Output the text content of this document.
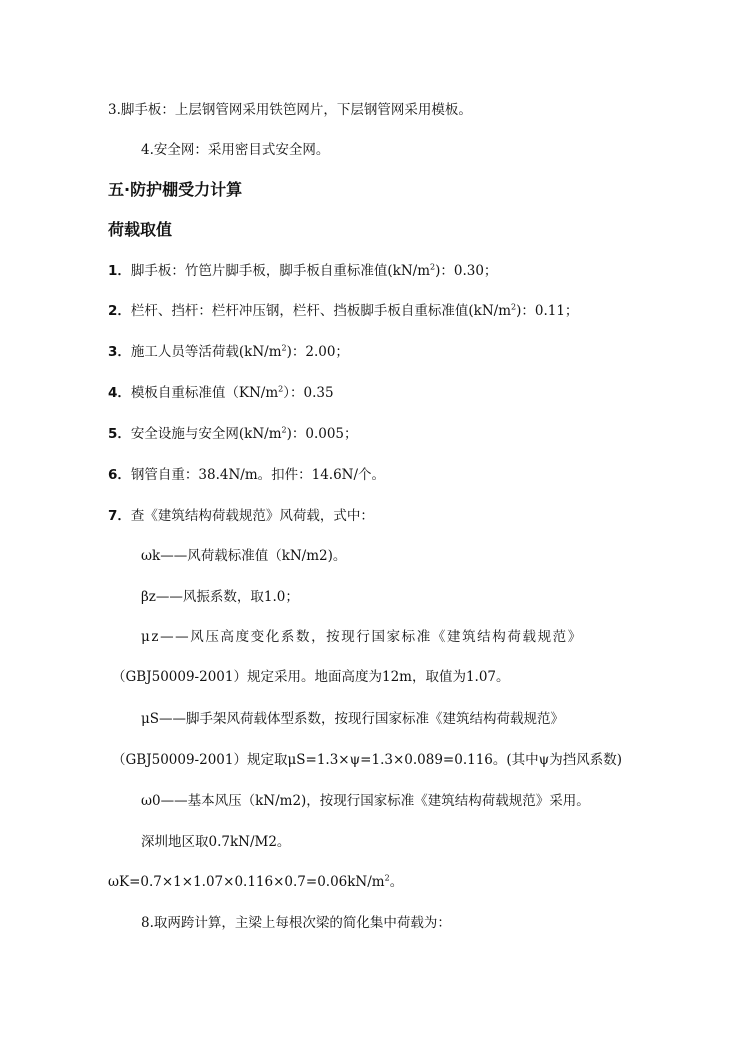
3.脚手板：上层钢管网采用铁笆网片，下层钢管网采用模板。
4.安全网：采用密目式安全网。
五·防护棚受力计算
荷载取值
1．脚手板：竹笆片脚手板，脚手板自重标准值$(kN/m^2)$：0.30；
2．栏杆、挡杆：栏杆冲压钢，栏杆、挡板脚手板自重标准值$(kN/m^2)$：0.11；
3．施工人员等活荷载$(kN/m^2)$：2.00；
4．模板自重标准值$(KN/m^2)$：0.35
5．安全设施与安全网$(kN/m^2)$：0.005；
6．钢管自重：38.4N/m。扣件：14.6N/个。
7．查《建筑结构荷载规范》风荷载，式中：
ωk——风荷载标准值（kN/m2)。
βz——风振系数，取1.0；
μz——风压高度变化系数，按现行国家标准《建筑结构荷载规范》
（GBJ50009-2001）规定采用。地面高度为12m，取值为1.07。
μS——脚手架风荷载体型系数，按现行国家标准《建筑结构荷载规范》
（GBJ50009-2001）规定取μS=1.3×ψ=1.3×0.089=0.116。(其中ψ为挡风系数)
ω0——基本风压（kN/m2)，按现行国家标准《建筑结构荷载规范》采用。
深圳地区取0.7kN/M2。
$\omega K=0.7\times 1\times 1.07\times 0.116\times 0.7=0.06kN/m^2$。
8.取两跨计算，主梁上每根次梁的简化集中荷载为：
